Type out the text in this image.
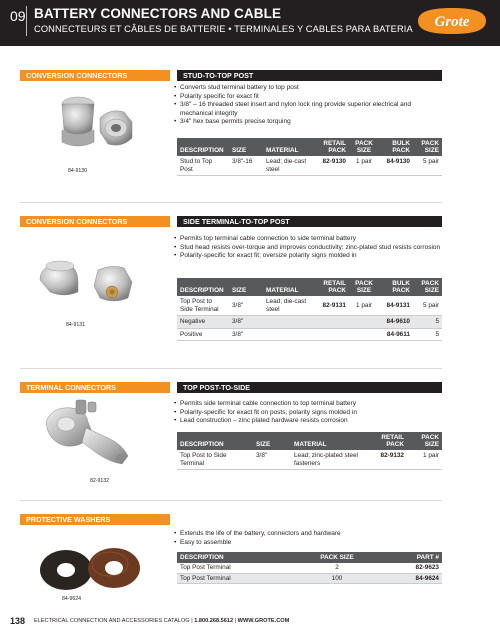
09 BATTERY CONNECTORS AND CABLE
CONNECTEURS ET CÂBLES DE BATTERIE • TERMINALES Y CABLES PARA BATERIA Grote
CONVERSION CONNECTORS	STUD-TO-TOP POST
84-9130
• Converts stud terminal battery to top post
• Polarity specific for exact fit
• 3/8" – 16 threaded steel insert and nylon lock ring provide superior electrical and mechanical integrity
• 3/4" hex base permits precise torquing
DESCRIPTION	SIZE	MATERIAL	RETAIL PACK	PACK SIZE	BULK PACK	PACK SIZE
Stud to Top Post	3/8"-16	Lead; die-cast steel	82-9130	1 pair	84-9130	5 pair
CONVERSION CONNECTORS	SIDE TERMINAL-TO-TOP POST
84-9131
• Permits top terminal cable connection to side terminal battery
• Stud head resists over-torque and improves conductivity; zinc-plated stud resists corrosion
• Polarity-specific for exact fit; oversize polarity signs molded in
DESCRIPTION	SIZE	MATERIAL	RETAIL PACK	PACK SIZE	BULK PACK	PACK SIZE
Top Post to Side Terminal	3/8"	Lead; die-cast steel	82-9131	1 pair	84-9131	5 pair
Negative	3/8"				84-9610	5
Positive	3/8"				84-9611	5
TERMINAL CONNECTORS	TOP POST-TO-SIDE
82-9132
• Permits side terminal cable connection to top terminal battery
• Polarity-specific for exact fit on posts; polarity signs molded in
• Lead construction – zinc plated hardware resists corrosion
DESCRIPTION	SIZE	MATERIAL	RETAIL PACK	PACK SIZE
Top Post to Side Terminal	3/8"	Lead; zinc-plated steel fasteners	82-9132	1 pair
PROTECTIVE WASHERS
84-9624
• Extends the life of the battery, connectors and hardware
• Easy to assemble
DESCRIPTION	PACK SIZE	PART #
Top Post Terminal	2	82-9623
Top Post Terminal	100	84-9624
138 ELECTRICAL CONNECTION AND ACCESSORIES CATALOG | 1.800.268.5612 | WWW.GROTE.COM
